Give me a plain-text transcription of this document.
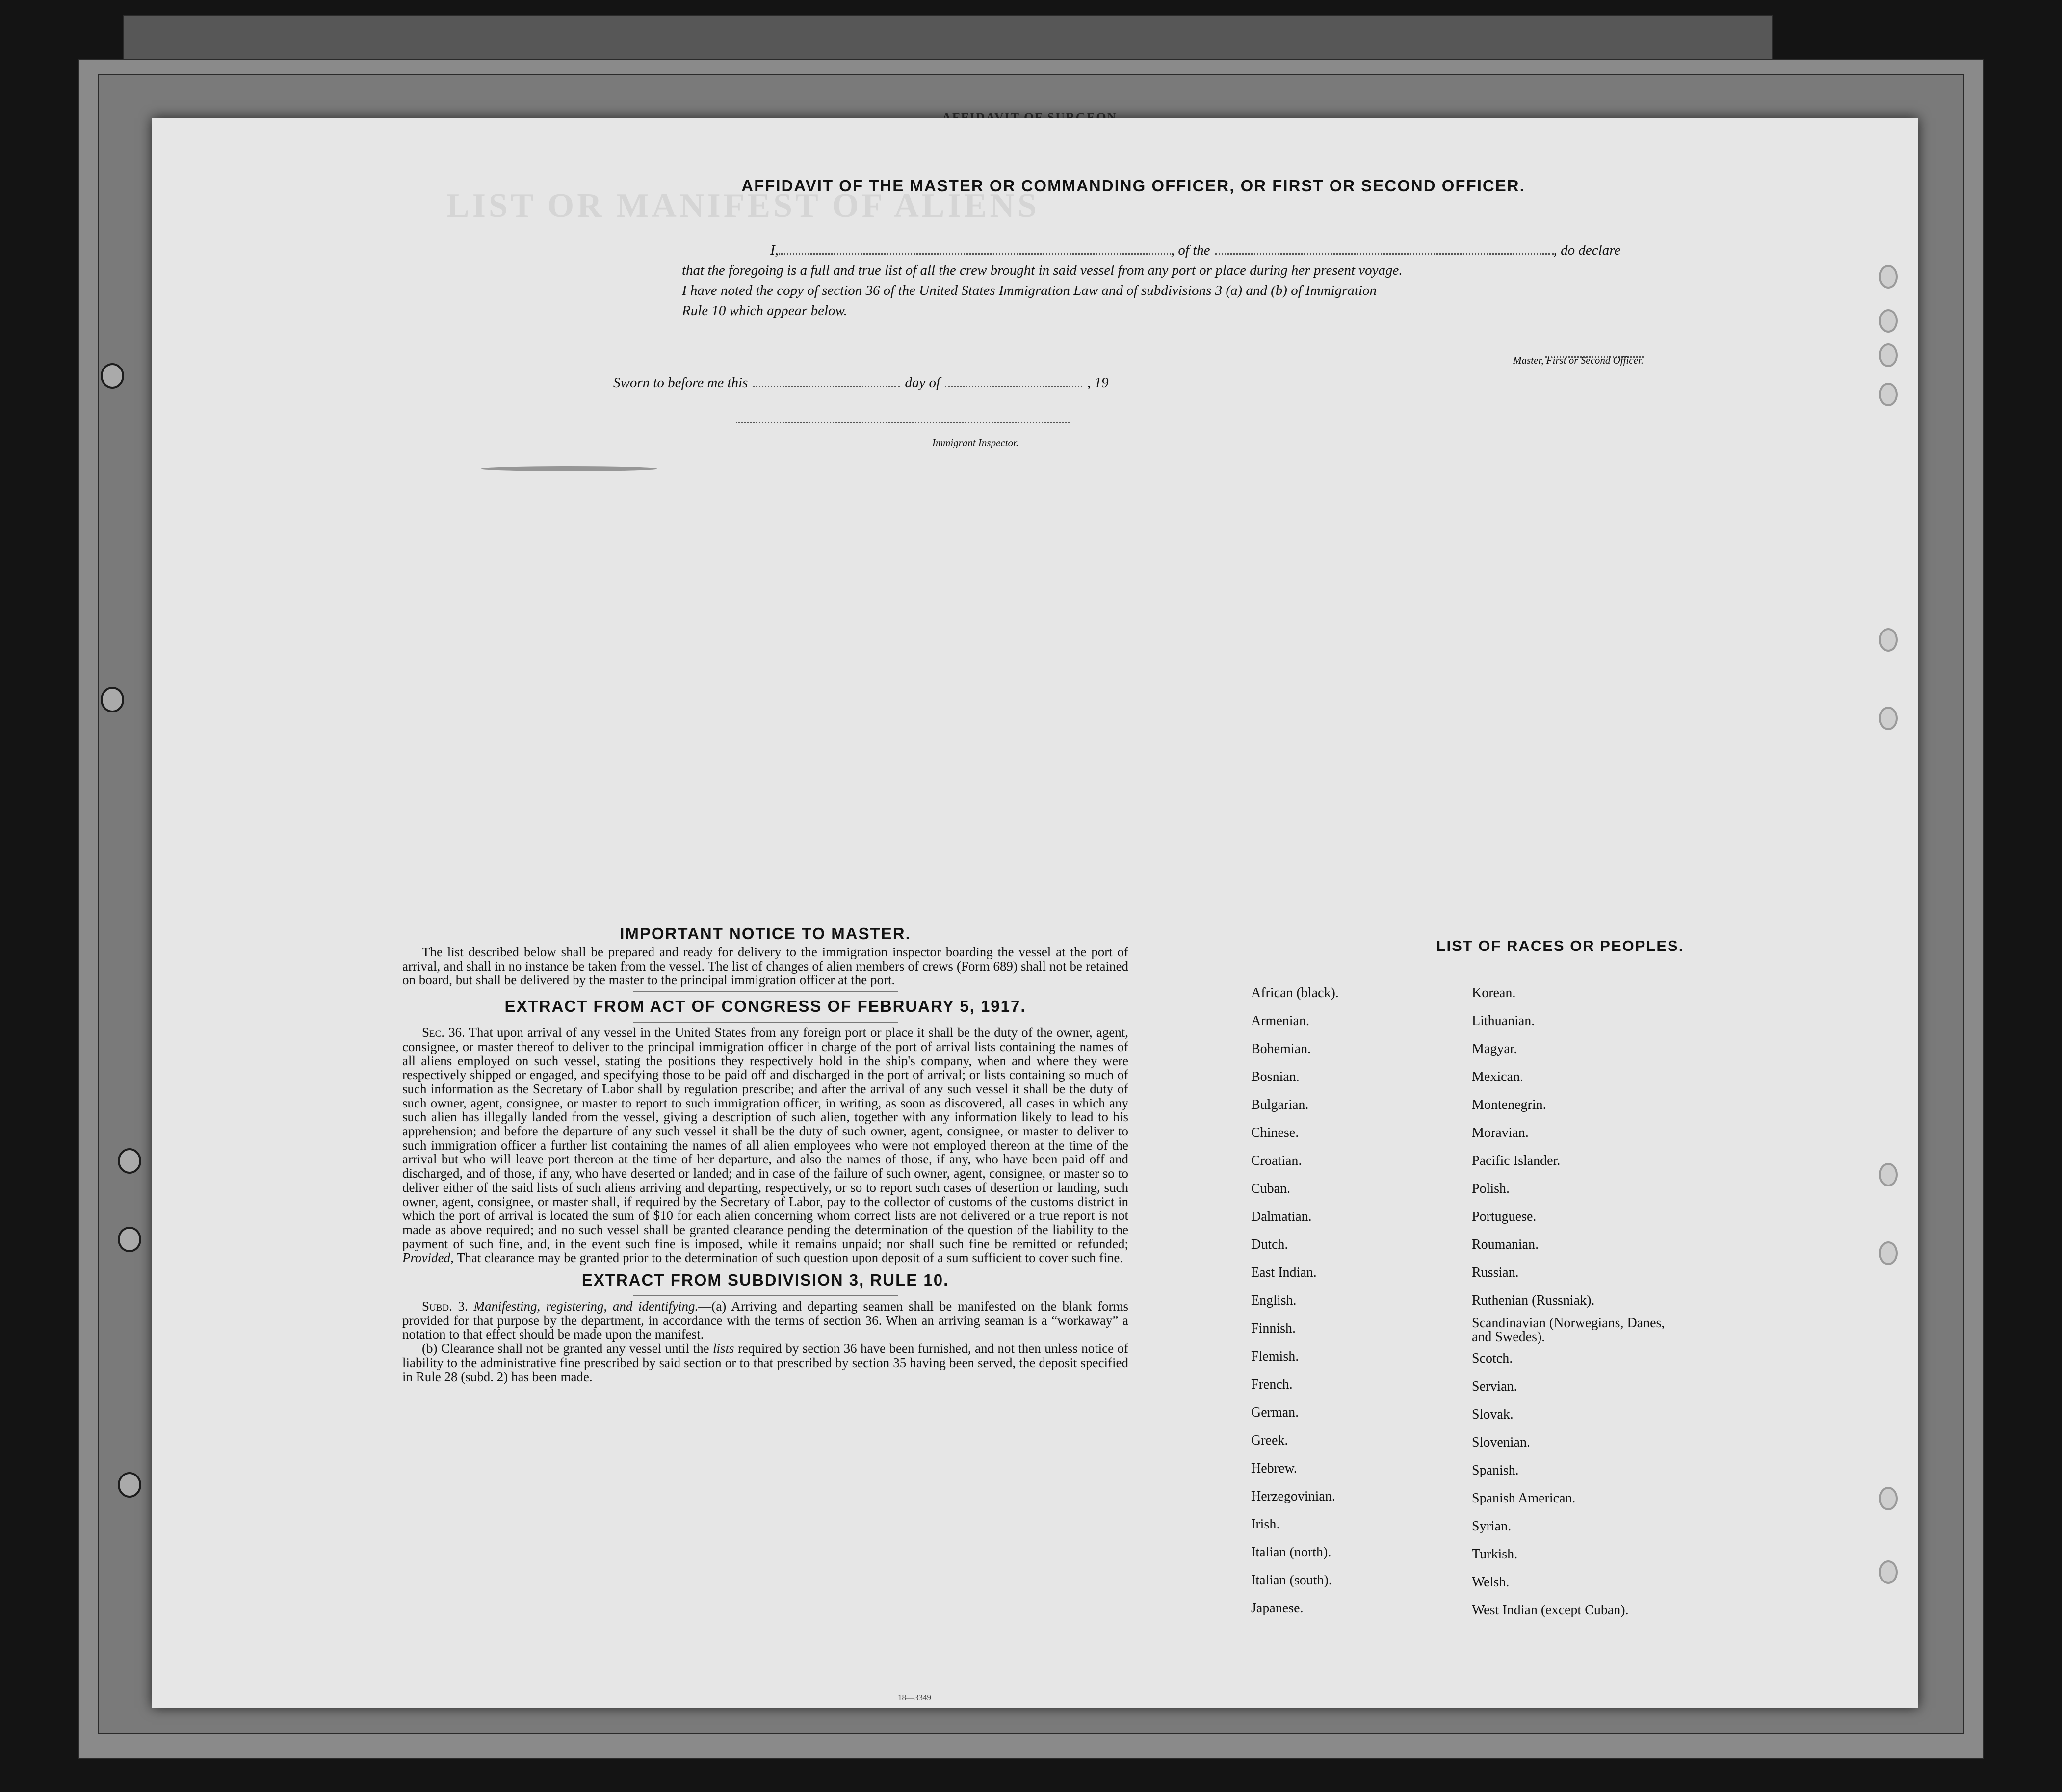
LIST OR MANIFEST OF ALIENS
AFFIDAVIT OF THE MASTER OR COMMANDING OFFICER, OR FIRST OR SECOND OFFICER.
I,	, of the	, do declare
that the foregoing is a full and true list of all the crew brought in said vessel from any port or place during her present voyage.
I have noted the copy of section 36 of the United States Immigration Law and of subdivisions 3 (a) and (b) of Immigration
Rule 10 which appear below.
Master, First or Second Officer.
Sworn to before me this	day of	, 19
Immigrant Inspector.
IMPORTANT NOTICE TO MASTER.

The list described below shall be prepared and ready for delivery to the immigration inspector boarding the vessel at the port of arrival, and shall in no instance be taken from the vessel. The list of changes of alien members of crews (Form 689) shall not be retained on board, but shall be delivered by the master to the principal immigration officer at the port.

EXTRACT FROM ACT OF CONGRESS OF FEBRUARY 5, 1917.

Sec. 36. That upon arrival of any vessel in the United States from any foreign port or place it shall be the duty of the owner, agent, consignee, or master thereof to deliver to the principal immigration officer in charge of the port of arrival lists containing the names of all aliens employed on such vessel, stating the positions they respectively hold in the ship's company, when and where they were respectively shipped or engaged, and specifying those to be paid off and discharged in the port of arrival; or lists containing so much of such information as the Secretary of Labor shall by regulation prescribe; and after the arrival of any such vessel it shall be the duty of such owner, agent, consignee, or master to report to such immigration officer, in writing, as soon as discovered, all cases in which any such alien has illegally landed from the vessel, giving a description of such alien, together with any information likely to lead to his apprehension; and before the departure of any such vessel it shall be the duty of such owner, agent, consignee, or master to deliver to such immigration officer a further list containing the names of all alien employees who were not employed thereon at the time of the arrival but who will leave port thereon at the time of her departure, and also the names of those, if any, who have been paid off and discharged, and of those, if any, who have deserted or landed; and in case of the failure of such owner, agent, consignee, or master so to deliver either of the said lists of such aliens arriving and departing, respectively, or so to report such cases of desertion or landing, such owner, agent, consignee, or master shall, if required by the Secretary of Labor, pay to the collector of customs of the customs district in which the port of arrival is located the sum of $10 for each alien concerning whom correct lists are not delivered or a true report is not made as above required; and no such vessel shall be granted clearance pending the determination of the question of the liability to the payment of such fine, and, in the event such fine is imposed, while it remains unpaid; nor shall such fine be remitted or refunded; Provided, That clearance may be granted prior to the determination of such question upon deposit of a sum sufficient to cover such fine.

EXTRACT FROM SUBDIVISION 3, RULE 10.

Subd. 3. Manifesting, registering, and identifying.—(a) Arriving and departing seamen shall be manifested on the blank forms provided for that purpose by the department, in accordance with the terms of section 36. When an arriving seaman is a “workaway” a notation to that effect should be made upon the manifest.

(b) Clearance shall not be granted any vessel until the lists required by section 36 have been furnished, and not then unless notice of liability to the administrative fine prescribed by said section or to that prescribed by section 35 having been served, the deposit specified in Rule 28 (subd. 2) has been made.

18—3349
LIST OF RACES OR PEOPLES.
African (black).
Armenian.
Bohemian.
Bosnian.
Bulgarian.
Chinese.
Croatian.
Cuban.
Dalmatian.
Dutch.
East Indian.
English.
Finnish.
Flemish.
French.
German.
Greek.
Hebrew.
Herzegovinian.
Irish.
Italian (north).
Italian (south).
Japanese.
Korean.
Lithuanian.
Magyar.
Mexican.
Montenegrin.
Moravian.
Pacific Islander.
Polish.
Portuguese.
Roumanian.
Russian.
Ruthenian (Russniak).
Scandinavian (Norwegians, Danes, and Swedes).
Scotch.
Servian.
Slovak.
Slovenian.
Spanish.
Spanish American.
Syrian.
Turkish.
Welsh.
West Indian (except Cuban).
